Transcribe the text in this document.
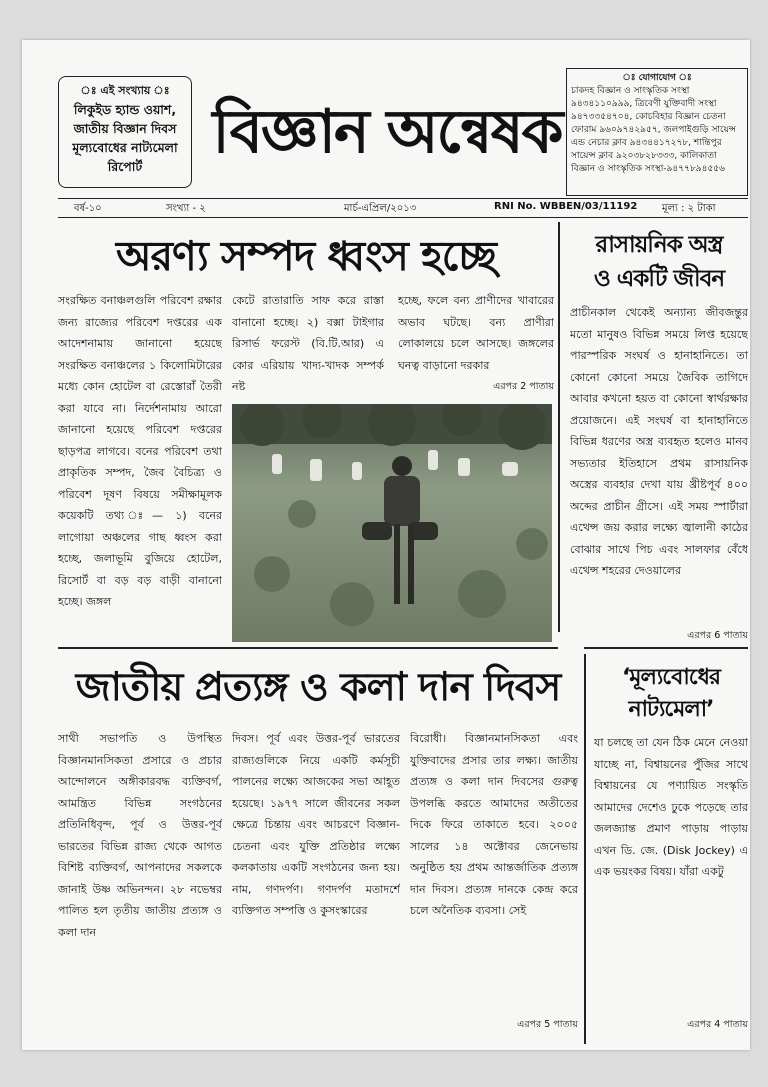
ঃ এই সংখ্যায় ঃ
লিকুইড হ্যান্ড ওয়াশ,
জাতীয় বিজ্ঞান দিবস
মূল্যবোধের নাট্যমেলা
রিপোর্ট	বিজ্ঞান অন্বেষক
ঃ যোগাযোগ ঃ
চাকদহ বিজ্ঞান ও সাংস্কৃতিক সংস্থা ৯৪৩৪১১০৯৯৯, ত্রিবেণী যুক্তিবাদী সংস্থা ৯৪৭৩৩৫৪৭০৪, কোচবিহার বিজ্ঞান চেতনা ফোরাম ৯৬০৯৭৪২৯৫৭, জলপাইগুড়ি সায়েন্স এন্ড নেচার ক্লাব ৯৪৩৪৪১৭২৭৮, শান্তিপুর সায়েন্স ক্লাব ৯২০৩৮২৮৩৩৩, কালিকাতা বিজ্ঞান ও সাংস্কৃতিক সংস্থা-৯৪৭৭৮৯৪৫৫৬
বর্ষ-১০	সংখ্যা - ২	মার্চ-এপ্রিল/২০১৩	RNI No. WBBEN/03/11192 মূল্য : ২ টাকা
অরণ্য সম্পদ ধ্বংস হচ্ছে
সংরক্ষিত বনাঞ্চলগুলি পরিবেশ রক্ষার জন্য রাজ্যের পরিবেশ দপ্তরের এক আদেশনামায় জানানো হয়েছে সংরক্ষিত বনাঞ্চলের ১ কিলোমিটারের মধ্যে কোন হোটেল বা রেস্তোরাঁ তৈরী করা যাবে না। নির্দেশনামায় আরো জানানো হয়েছে পরিবেশ দপ্তরের ছাড়পত্র লাগবে। বনের পরিবেশ তথা প্রাকৃতিক সম্পদ, জৈব বৈচিত্র্য ও পরিবেশ দূষণ বিষয়ে সমীক্ষামূলক কয়েকটি তথ্য ঃ— ১) বনের লাগোয়া অঞ্চলের গাছ ধ্বংস করা হচ্ছে, জলাভূমি বুজিয়ে হোটেল, রিসোর্ট বা বড় বড় বাড়ী বানানো হচ্ছে। জঙ্গল
কেটে রাতারাতি সাফ করে রাস্তা বানানো হচ্ছে। ২) বক্সা টাইগার রিসার্ভ ফরেস্ট (বি.টি.আর) এ কোর এরিয়ায় খাদ্য-খাদক সম্পর্ক নষ্ট
হচ্ছে, ফলে বন্য প্রাণীদের খাবারের অভাব ঘটছে। বন্য প্রাণীরা লোকালয়ে চলে আসছে। জঙ্গলের ঘনত্ব বাড়ানো দরকার
এরপর 2 পাতায়
রাসায়নিক অস্ত্র
ও একটি জীবন
প্রাচীনকাল থেকেই অন্যান্য জীবজন্তুর মতো মানুষও বিভিন্ন সময়ে লিপ্ত হয়েছে পারস্পরিক সংঘর্ষ ও হানাহানিতে। তা কোনো কোনো সময়ে জৈবিক তাগিদে আবার কখনো হয়ত বা কোনো স্বার্থরক্ষার প্রয়োজনে। এই সংঘর্ষ বা হানাহানিতে বিভিন্ন ধরণের অস্ত্র ব্যবহৃত হলেও মানব সভ্যতার ইতিহাসে প্রথম রাসায়নিক অস্ত্রের ব্যবহার দেখা যায় খ্রীষ্টপূর্ব ৪০০ অব্দের প্রাচীন গ্রীসে। এই সময় স্পার্টারা এথেন্স জয় করার লক্ষ্যে জ্বালানী কাঠের বোঝার সাথে পিচ এবং সালফার বেঁধে এথেন্স শহরের দেওয়ালের
এরপর 6 পাতায়
জাতীয় প্রত্যঙ্গ ও কলা দান দিবস
সাথী সভাপতি ও উপস্থিত বিজ্ঞানমানসিকতা প্রসারে ও প্রচার আন্দোলনে অঙ্গীকারবদ্ধ ব্যক্তিবর্গ, আমন্ত্রিত বিভিন্ন সংগঠনের প্রতিনিধিবৃন্দ, পূর্ব ও উত্তর-পূর্ব ভারতের বিভিন্ন রাজ্য থেকে আগত বিশিষ্ট ব্যক্তিবর্গ, আপনাদের সকলকে জানাই উষ্ণ অভিনন্দন। ২৮ নভেম্বর পালিত হল তৃতীয় জাতীয় প্রত্যঙ্গ ও কলা দান
দিবস। পূর্ব এবং উত্তর-পূর্ব ভারতের রাজ্যগুলিকে নিয়ে একটি কর্মসূচী পালনের লক্ষ্যে আজকের সভা আহূত হয়েছে। ১৯৭৭ সালে জীবনের সকল ক্ষেত্রে চিন্তায় এবং আচরণে বিজ্ঞান-চেতনা এবং যুক্তি প্রতিষ্ঠার লক্ষ্যে কলকাতায় একটি সংগঠনের জন্য হয়। নাম, গণদর্পণ। গণদর্পণ মতাদর্শে ব্যক্তিগত সম্পত্তি ও কুসংস্কারের
বিরোধী। বিজ্ঞানমানসিকতা এবং যুক্তিবাদের প্রসার তার লক্ষ্য। জাতীয় প্রত্যঙ্গ ও কলা দান দিবসের গুরুত্ব উপলব্ধি করতে আমাদের অতীতের দিকে ফিরে তাকাতে হবে। ২০০৫ সালের ১৪ অক্টোবর জেনেভায় অনুষ্ঠিত হয় প্রথম আন্তর্জাতিক প্রত্যঙ্গ দান দিবস। প্রত্যঙ্গ দানকে কেন্দ্র করে চলে অনৈতিক ব্যবসা। সেই
এরপর 5 পাতায়
‘মূল্যবোধের
নাট্যমেলা’
যা চলছে তা যেন ঠিক মেনে নেওয়া যাচ্ছে না, বিশ্বায়নের পুঁজির সাথে বিশ্বায়নের যে পণ্যায়িত সংস্কৃতি আমাদের দেশেও ঢুকে পড়েছে তার জলজ্যান্ত প্রমাণ পাড়ায় পাড়ায় এখন ডি. জে. (Disk Jockey) এ এক ভয়ংকর বিষয়। যাঁরা একটু
এরপর 4 পাতায়
